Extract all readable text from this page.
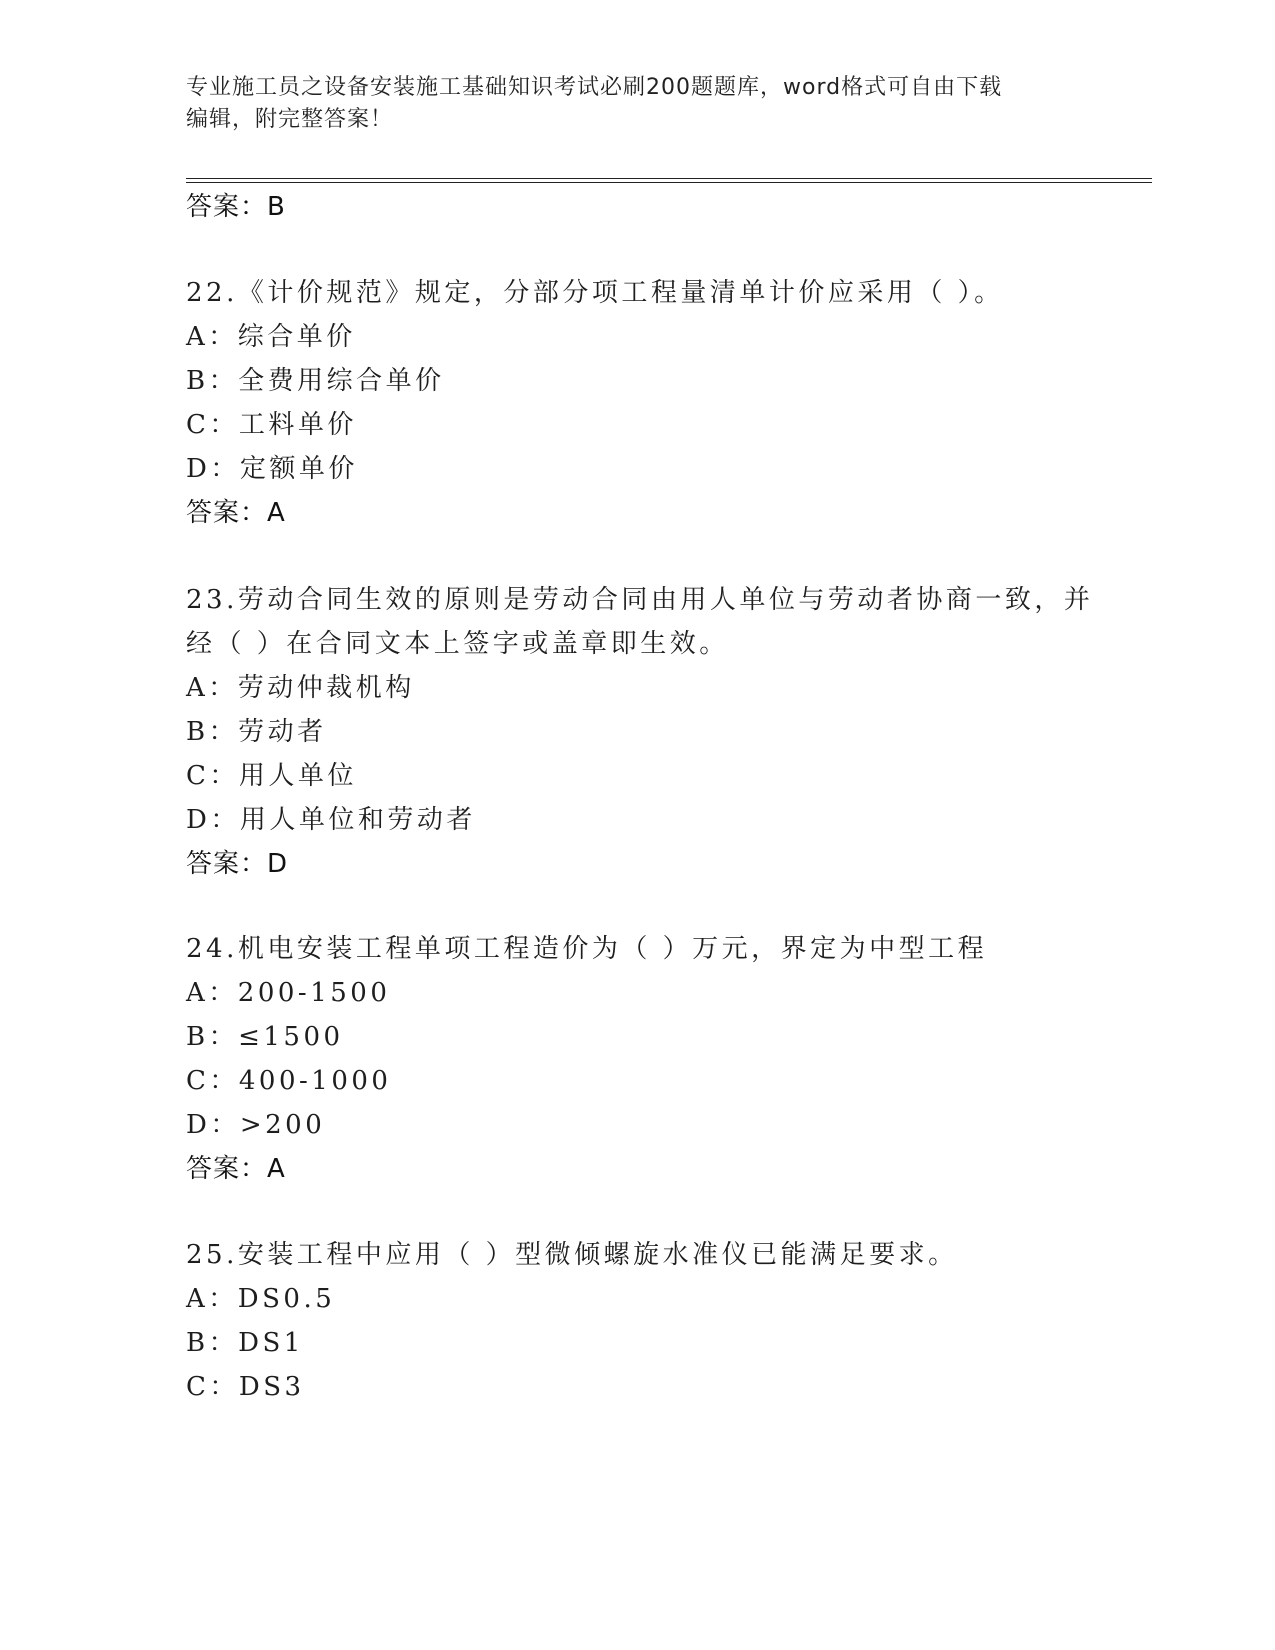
专业施工员之设备安装施工基础知识考试必刷200题题库，word格式可自由下载
编辑，附完整答案！
答案：B
22.《计价规范》规定，分部分项工程量清单计价应采用（ ）。
A：综合单价
B：全费用综合单价
C：工料单价
D：定额单价
答案：A
23.劳动合同生效的原则是劳动合同由用人单位与劳动者协商一致，并
经（ ）在合同文本上签字或盖章即生效。
A：劳动仲裁机构
B：劳动者
C：用人单位
D：用人单位和劳动者
答案：D
24.机电安装工程单项工程造价为（ ）万元，界定为中型工程
A：200-1500
B：≤1500
C：400-1000
D：>200
答案：A
25.安装工程中应用（ ）型微倾螺旋水准仪已能满足要求。
A：DS0.5
B：DS1
C：DS3
